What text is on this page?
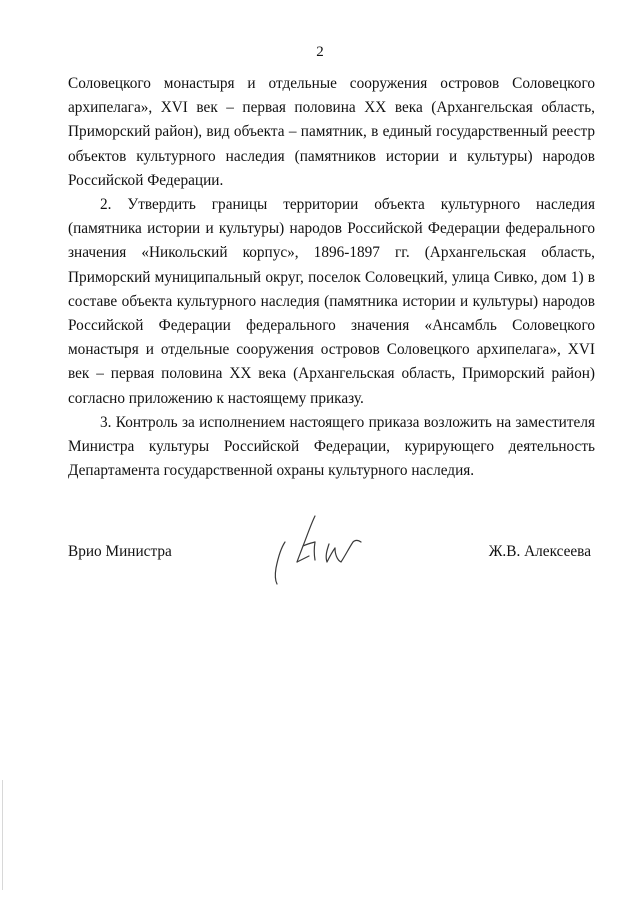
2

Соловецкого монастыря и отдельные сооружения островов Соловецкого архипелага», XVI век – первая половина XX века (Архангельская область, Приморский район), вид объекта – памятник, в единый государственный реестр объектов культурного наследия (памятников истории и культуры) народов Российской Федерации.

2. Утвердить границы территории объекта культурного наследия (памятника истории и культуры) народов Российской Федерации федерального значения «Никольский корпус», 1896-1897 гг. (Архангельская область, Приморский муниципальный округ, поселок Соловецкий, улица Сивко, дом 1) в составе объекта культурного наследия (памятника истории и культуры) народов Российской Федерации федерального значения «Ансамбль Соловецкого монастыря и отдельные сооружения островов Соловецкого архипелага», XVI век – первая половина XX века (Архангельская область, Приморский район) согласно приложению к настоящему приказу.

3. Контроль за исполнением настоящего приказа возложить на заместителя Министра культуры Российской Федерации, курирующего деятельность Департамента государственной охраны культурного наследия.

Врио Министра	Ж.В. Алексеева
